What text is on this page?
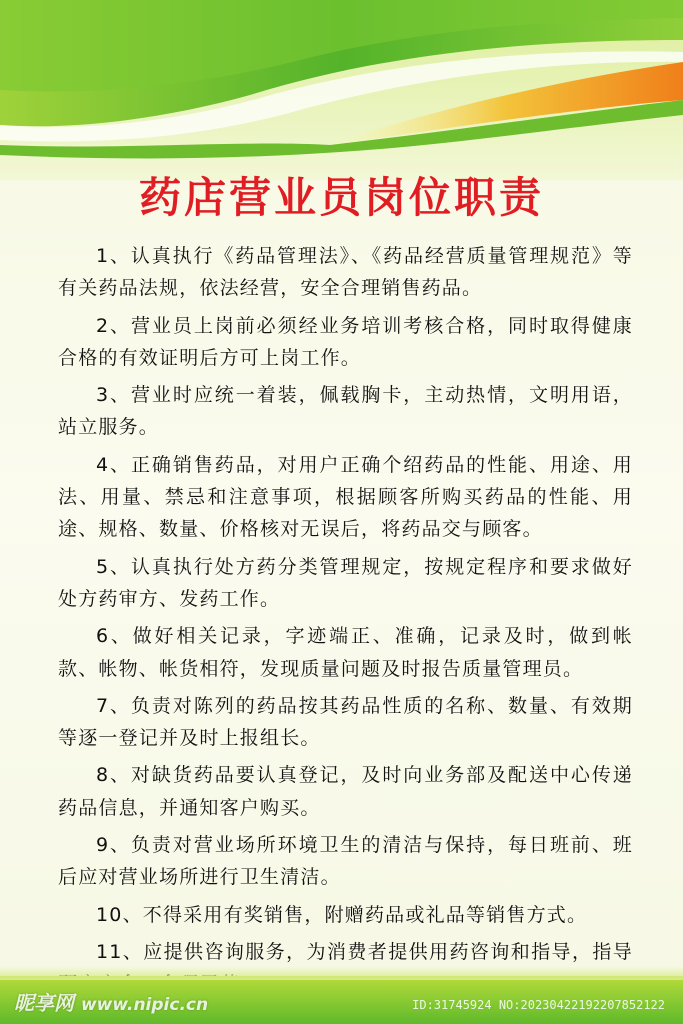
药店营业员岗位职责

1、认真执行《药品管理法》、《药品经营质量管理规范》等有关药品法规，依法经营，安全合理销售药品。

2、营业员上岗前必须经业务培训考核合格，同时取得健康合格的有效证明后方可上岗工作。

3、营业时应统一着装，佩载胸卡，主动热情，文明用语，站立服务。

4、正确销售药品，对用户正确个绍药品的性能、用途、用法、用量、禁忌和注意事项，根据顾客所购买药品的性能、用途、规格、数量、价格核对无误后，将药品交与顾客。

5、认真执行处方药分类管理规定，按规定程序和要求做好处方药审方、发药工作。

6、做好相关记录，字迹端正、准确，记录及时，做到帐款、帐物、帐货相符，发现质量问题及时报告质量管理员。

7、负责对陈列的药品按其药品性质的名称、数量、有效期等逐一登记并及时上报组长。

8、对缺货药品要认真登记，及时向业务部及配送中心传递药品信息，并通知客户购买。

9、负责对营业场所环境卫生的清洁与保持，每日班前、班后应对营业场所进行卫生清洁。

10、不得采用有奖销售，附赠药品或礼品等销售方式。

11、应提供咨询服务，为消费者提供用药咨询和指导，指导

昵享网 www.nipic.cn	ID:31745924 NO:20230422192207852122
